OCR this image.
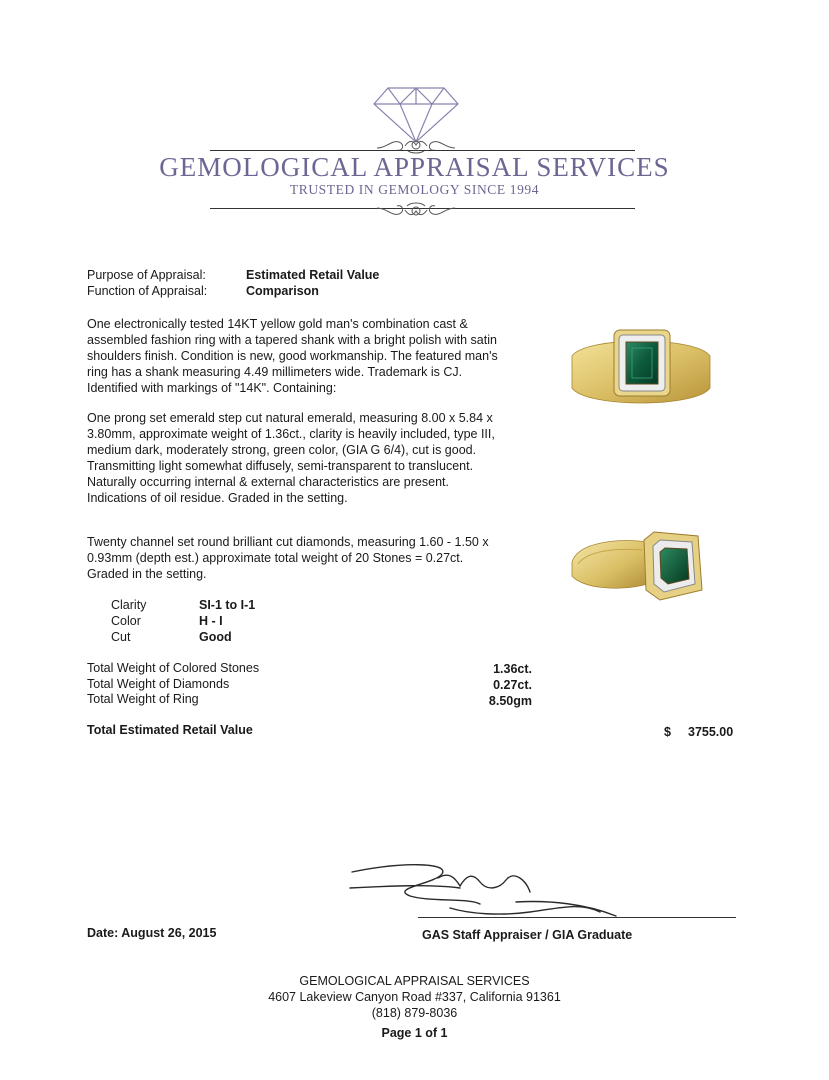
GEMOLOGICAL APPRAISAL SERVICES
TRUSTED IN GEMOLOGY SINCE 1994
Purpose of Appraisal:	Estimated Retail Value
Function of Appraisal:	Comparison

One electronically tested 14KT yellow gold man's combination cast & assembled fashion ring with a tapered shank with a bright polish with satin shoulders finish. Condition is new, good workmanship. The featured man's ring has a shank measuring 4.49 millimeters wide. Trademark is CJ. Identified with markings of "14K". Containing:

One prong set emerald step cut natural emerald, measuring 8.00 x 5.84 x 3.80mm, approximate weight of 1.36ct., clarity is heavily included, type III, medium dark, moderately strong, green color, (GIA G 6/4), cut is good. Transmitting light somewhat diffusely, semi-transparent to translucent. Naturally occurring internal & external characteristics are present. Indications of oil residue. Graded in the setting.

Twenty channel set round brilliant cut diamonds, measuring 1.60 - 1.50 x 0.93mm (depth est.) approximate total weight of 20 Stones = 0.27ct. Graded in the setting.

Clarity	SI-1 to I-1
Color	H - I
Cut	Good
Total Weight of Colored Stones	1.36ct.
Total Weight of Diamonds	0.27ct.
Total Weight of Ring	8.50gm
Total Estimated Retail Value	$ 3755.00
Date: August 26, 2015	GAS Staff Appraiser / GIA Graduate
GEMOLOGICAL APPRAISAL SERVICES
4607 Lakeview Canyon Road #337, California 91361
(818) 879-8036
Page 1 of 1
